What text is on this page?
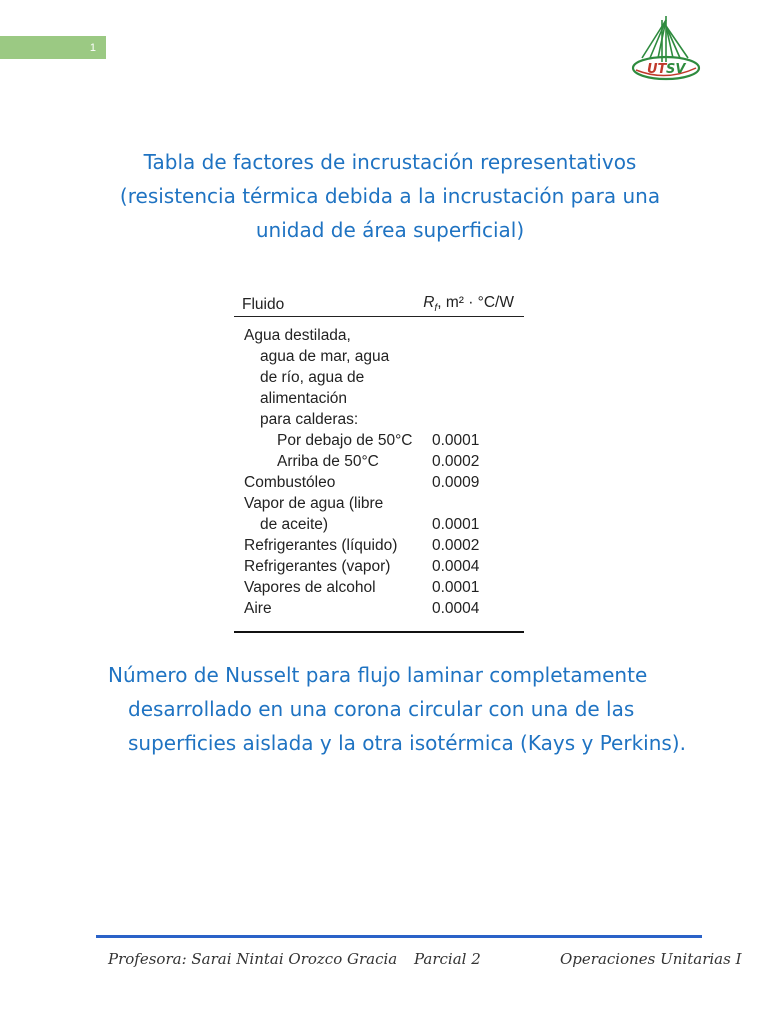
1
UT SV
Tabla de factores de incrustación representativos
(resistencia térmica debida a la incrustación para una
unidad de área superficial)
Fluido	$R_f$, m² · °C/W
Agua destilada,
agua de mar, agua
de río, agua de
alimentación
para calderas:
Por debajo de 50°C	0.0001
Arriba de 50°C	0.0002
Combustóleo	0.0009
Vapor de agua (libre
de aceite)	0.0001
Refrigerantes (líquido)	0.0002
Refrigerantes (vapor)	0.0004
Vapores de alcohol	0.0001
Aire	0.0004
Número de Nusselt para flujo laminar completamente
desarrollado en una corona circular con una de las
superficies aislada y la otra isotérmica (Kays y Perkins).
Profesora: Sarai Nintai Orozco Gracia Parcial 2	Operaciones Unitarias I
